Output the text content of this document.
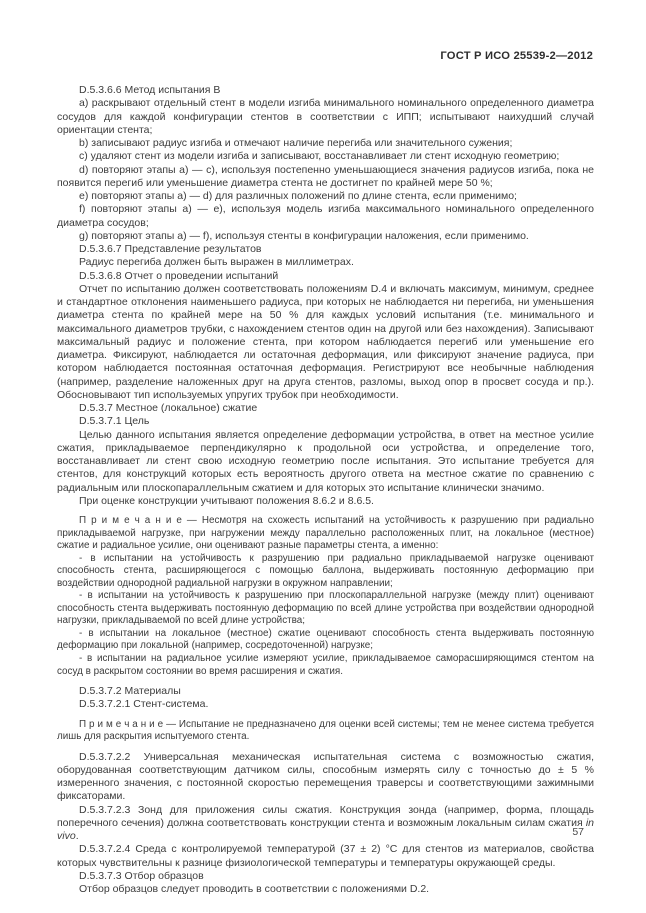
ГОСТ Р ИСО 25539-2—2012

D.5.3.6.6 Метод испытания В

а) раскрывают отдельный стент в модели изгиба минимального номинального определенного диаметра сосудов для каждой конфигурации стентов в соответствии с ИПП; испытывают наихудший случай ориентации стента;

b) записывают радиус изгиба и отмечают наличие перегиба или значительного сужения;

c) удаляют стент из модели изгиба и записывают, восстанавливает ли стент исходную геометрию;

d) повторяют этапы a) — c), используя постепенно уменьшающиеся значения радиусов изгиба, пока не появится перегиб или уменьшение диаметра стента не достигнет по крайней мере 50 %;

e) повторяют этапы a) — d) для различных положений по длине стента, если применимо;

f) повторяют этапы a) — e), используя модель изгиба максимального номинального определенного диаметра сосудов;

g) повторяют этапы a) — f), используя стенты в конфигурации наложения, если применимо.

D.5.3.6.7 Представление результатов

Радиус перегиба должен быть выражен в миллиметрах.

D.5.3.6.8 Отчет о проведении испытаний

Отчет по испытанию должен соответствовать положениям D.4 и включать максимум, минимум, среднее и стандартное отклонения наименьшего радиуса, при которых не наблюдается ни перегиба, ни уменьшения диаметра стента по крайней мере на 50 % для каждых условий испытания (т.е. минимального и максимального диаметров трубки, с нахождением стентов один на другой или без нахождения). Записывают максимальный радиус и положение стента, при котором наблюдается перегиб или уменьшение его диаметра. Фиксируют, наблюдается ли остаточная деформация, или фиксируют значение радиуса, при котором наблюдается постоянная остаточная деформация. Регистрируют все необычные наблюдения (например, разделение наложенных друг на друга стентов, разломы, выход опор в просвет сосуда и пр.). Обосновывают тип используемых упругих трубок при необходимости.

D.5.3.7 Местное (локальное) сжатие

D.5.3.7.1 Цель

Целью данного испытания является определение деформации устройства, в ответ на местное усилие сжатия, прикладываемое перпендикулярно к продольной оси устройства, и определение того, восстанавливает ли стент свою исходную геометрию после испытания. Это испытание требуется для стентов, для конструкций которых есть вероятность другого ответа на местное сжатие по сравнению с радиальным или плоскопараллельным сжатием и для которых это испытание клинически значимо.

При оценке конструкции учитывают положения 8.6.2 и 8.6.5.

П р и м е ч а н и е — Несмотря на схожесть испытаний на устойчивость к разрушению при радиально прикладываемой нагрузке, при нагружении между параллельно расположенных плит, на локальное (местное) сжатие и радиальное усилие, они оценивают разные параметры стента, а именно:

- в испытании на устойчивость к разрушению при радиально прикладываемой нагрузке оценивают способность стента, расширяющегося с помощью баллона, выдерживать постоянную деформацию при воздействии однородной радиальной нагрузки в окружном направлении;

- в испытании на устойчивость к разрушению при плоскопараллельной нагрузке (между плит) оценивают способность стента выдерживать постоянную деформацию по всей длине устройства при воздействии однородной нагрузки, прикладываемой по всей длине устройства;

- в испытании на локальное (местное) сжатие оценивают способность стента выдерживать постоянную деформацию при локальной (например, сосредоточенной) нагрузке;

- в испытании на радиальное усилие измеряют усилие, прикладываемое саморасширяющимся стентом на сосуд в раскрытом состоянии во время расширения и сжатия.

D.5.3.7.2 Материалы

D.5.3.7.2.1 Стент-система.

П р и м е ч а н и е — Испытание не предназначено для оценки всей системы; тем не менее система требуется лишь для раскрытия испытуемого стента.

D.5.3.7.2.2 Универсальная механическая испытательная система с возможностью сжатия, оборудованная соответствующим датчиком силы, способным измерять силу с точностью до ± 5 % измеренного значения, с постоянной скоростью перемещения траверсы и соответствующими зажимными фиксаторами.

D.5.3.7.2.3 Зонд для приложения силы сжатия. Конструкция зонда (например, форма, площадь поперечного сечения) должна соответствовать конструкции стента и возможным локальным силам сжатия in vivo.

D.5.3.7.2.4 Среда с контролируемой температурой (37 ± 2) °С для стентов из материалов, свойства которых чувствительны к разнице физиологической температуры и температуры окружающей среды.

D.5.3.7.3 Отбор образцов

Отбор образцов следует проводить в соответствии с положениями D.2.

57
